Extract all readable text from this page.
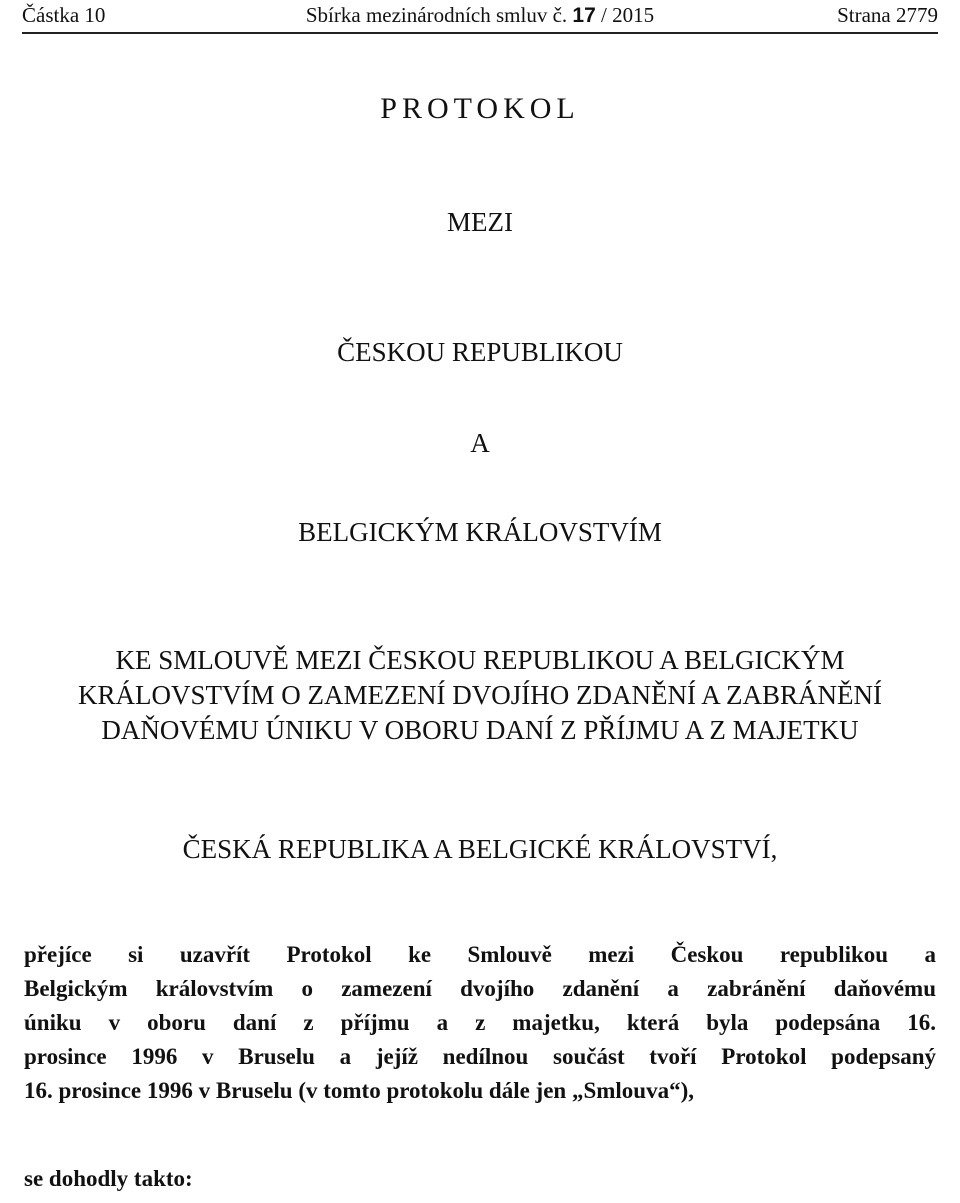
Částka 10	Sbírka mezinárodních smluv č. 17 / 2015	Strana 2779
PROTOKOL
MEZI
ČESKOU REPUBLIKOU
A
BELGICKÝM KRÁLOVSTVÍM
KE SMLOUVĚ MEZI ČESKOU REPUBLIKOU A BELGICKÝM
KRÁLOVSTVÍM O ZAMEZENÍ DVOJÍHO ZDANĚNÍ A ZABRÁNĚNÍ
DAŇOVÉMU ÚNIKU V OBORU DANÍ Z PŘÍJMU A Z MAJETKU
ČESKÁ REPUBLIKA A BELGICKÉ KRÁLOVSTVÍ,
přejíce si uzavřít Protokol ke Smlouvě mezi Českou republikou a
Belgickým královstvím o zamezení dvojího zdanění a zabránění daňovému
úniku v oboru daní z příjmu a z majetku, která byla podepsána 16.
prosince 1996 v Bruselu a jejíž nedílnou součást tvoří Protokol podepsaný
16. prosince 1996 v Bruselu (v tomto protokolu dále jen „Smlouva“),
se dohodly takto:
